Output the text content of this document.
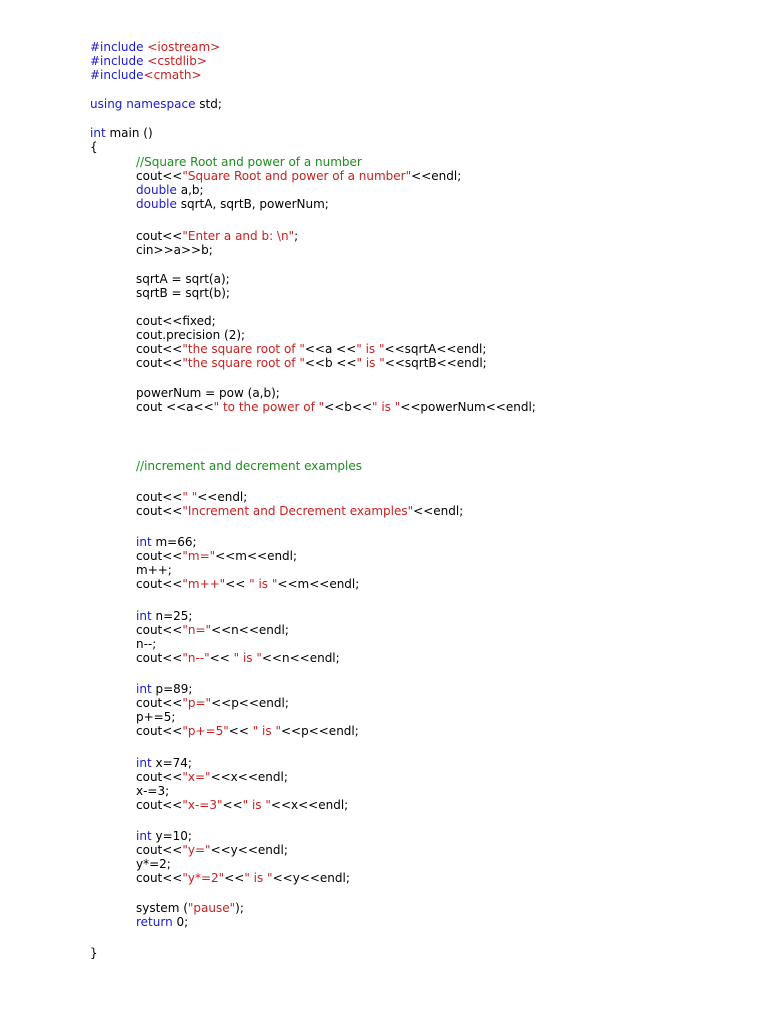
#include <iostream>
#include <cstdlib>
#include<cmath>
using namespace std;
int main ()
{
//Square Root and power of a number
cout<<"Square Root and power of a number"<<endl;
double a,b;
double sqrtA, sqrtB, powerNum;
cout<<"Enter a and b: \n";
cin>>a>>b;
sqrtA = sqrt(a);
sqrtB = sqrt(b);
cout<<fixed;
cout.precision (2);
cout<<"the square root of "<<a <<" is "<<sqrtA<<endl;
cout<<"the square root of "<<b <<" is "<<sqrtB<<endl;
powerNum = pow (a,b);
cout <<a<<" to the power of "<<b<<" is "<<powerNum<<endl;
//increment and decrement examples
cout<<" "<<endl;
cout<<"Increment and Decrement examples"<<endl;
int m=66;
cout<<"m="<<m<<endl;
m++;
cout<<"m++"<< " is "<<m<<endl;
int n=25;
cout<<"n="<<n<<endl;
n--;
cout<<"n--"<< " is "<<n<<endl;
int p=89;
cout<<"p="<<p<<endl;
p+=5;
cout<<"p+=5"<< " is "<<p<<endl;
int x=74;
cout<<"x="<<x<<endl;
x-=3;
cout<<"x-=3"<<" is "<<x<<endl;
int y=10;
cout<<"y="<<y<<endl;
y*=2;
cout<<"y*=2"<<" is "<<y<<endl;
system ("pause");
return 0;
}
